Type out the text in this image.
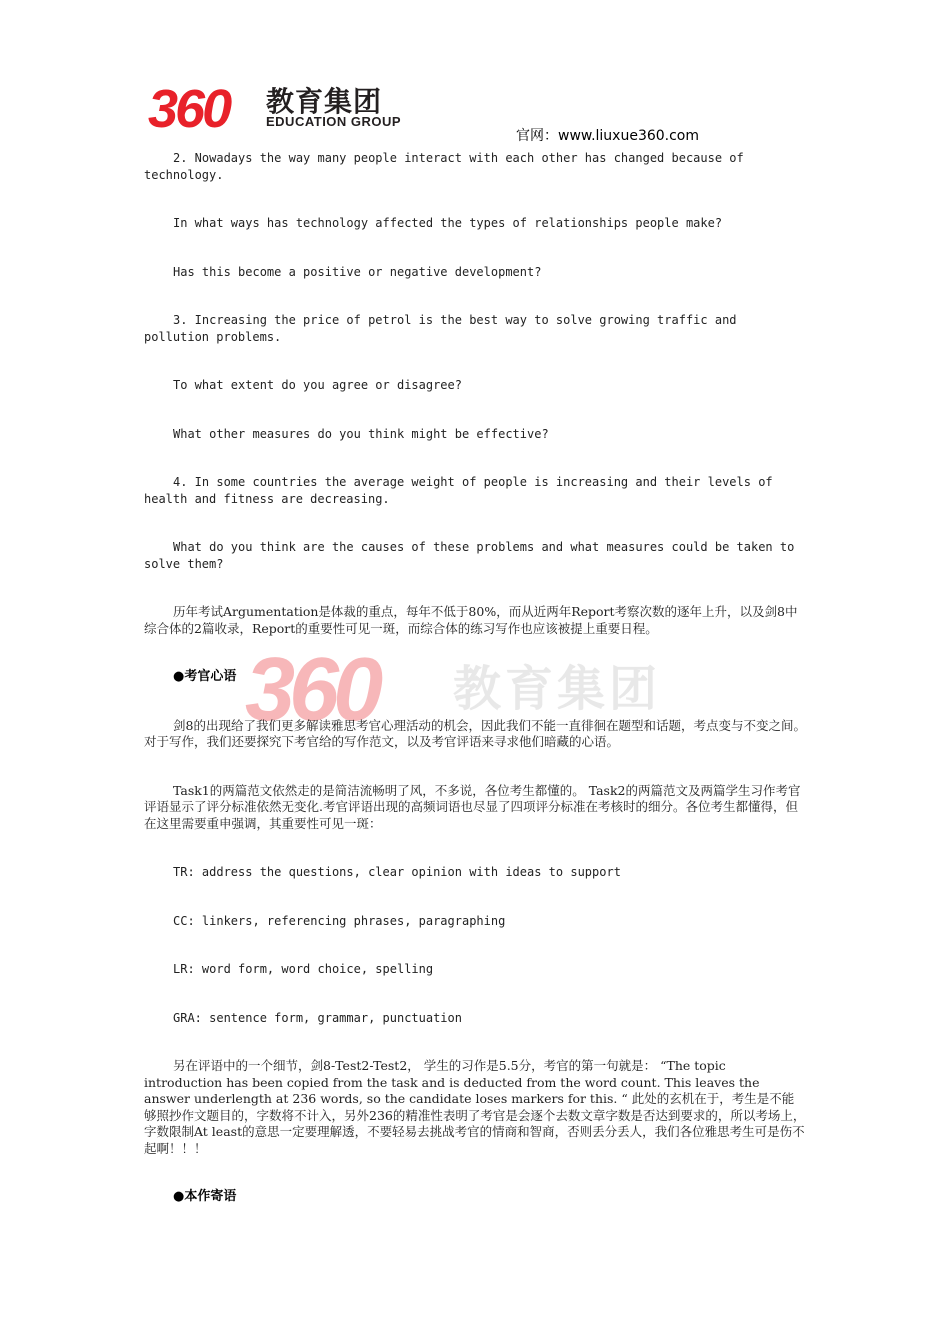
360 教育集团
EDUCATION GROUP
官网：www.liuxue360.com
360 教育集团

2. Nowadays the way many people interact with each other has changed because of technology.

In what ways has technology affected the types of relationships people make?

Has this become a positive or negative development?

3. Increasing the price of petrol is the best way to solve growing traffic and pollution problems.

To what extent do you agree or disagree?

What other measures do you think might be effective?

4. In some countries the average weight of people is increasing and their levels of health and fitness are decreasing.

What do you think are the causes of these problems and what measures could be taken to solve them?

历年考试Argumentation是体裁的重点，每年不低于80%，而从近两年Report考察次数的逐年上升，以及剑8中综合体的2篇收录，Report的重要性可见一斑，而综合体的练习写作也应该被提上重要日程。

●考官心语

剑8的出现给了我们更多解读雅思考官心理活动的机会，因此我们不能一直徘徊在题型和话题，考点变与不变之间。对于写作，我们还要探究下考官给的写作范文，以及考官评语来寻求他们暗藏的心语。

Task1的两篇范文依然走的是简洁流畅明了风，不多说，各位考生都懂的。 Task2的两篇范文及两篇学生习作考官评语显示了评分标准依然无变化.考官评语出现的高频词语也尽显了四项评分标准在考核时的细分。各位考生都懂得，但在这里需要重申强调，其重要性可见一斑：

TR: address the questions, clear opinion with ideas to support

CC: linkers, referencing phrases, paragraphing

LR: word form, word choice, spelling

GRA: sentence form, grammar, punctuation

另在评语中的一个细节，剑8-Test2-Test2， 学生的习作是5.5分，考官的第一句就是： “The topic introduction has been copied from the task and is deducted from the word count. This leaves the answer underlength at 236 words, so the candidate loses markers for this. “ 此处的玄机在于，考生是不能够照抄作文题目的，字数将不计入，另外236的精准性表明了考官是会逐个去数文章字数是否达到要求的，所以考场上，字数限制At least的意思一定要理解透，不要轻易去挑战考官的情商和智商，否则丢分丢人，我们各位雅思考生可是伤不起啊！！！

●本作寄语
